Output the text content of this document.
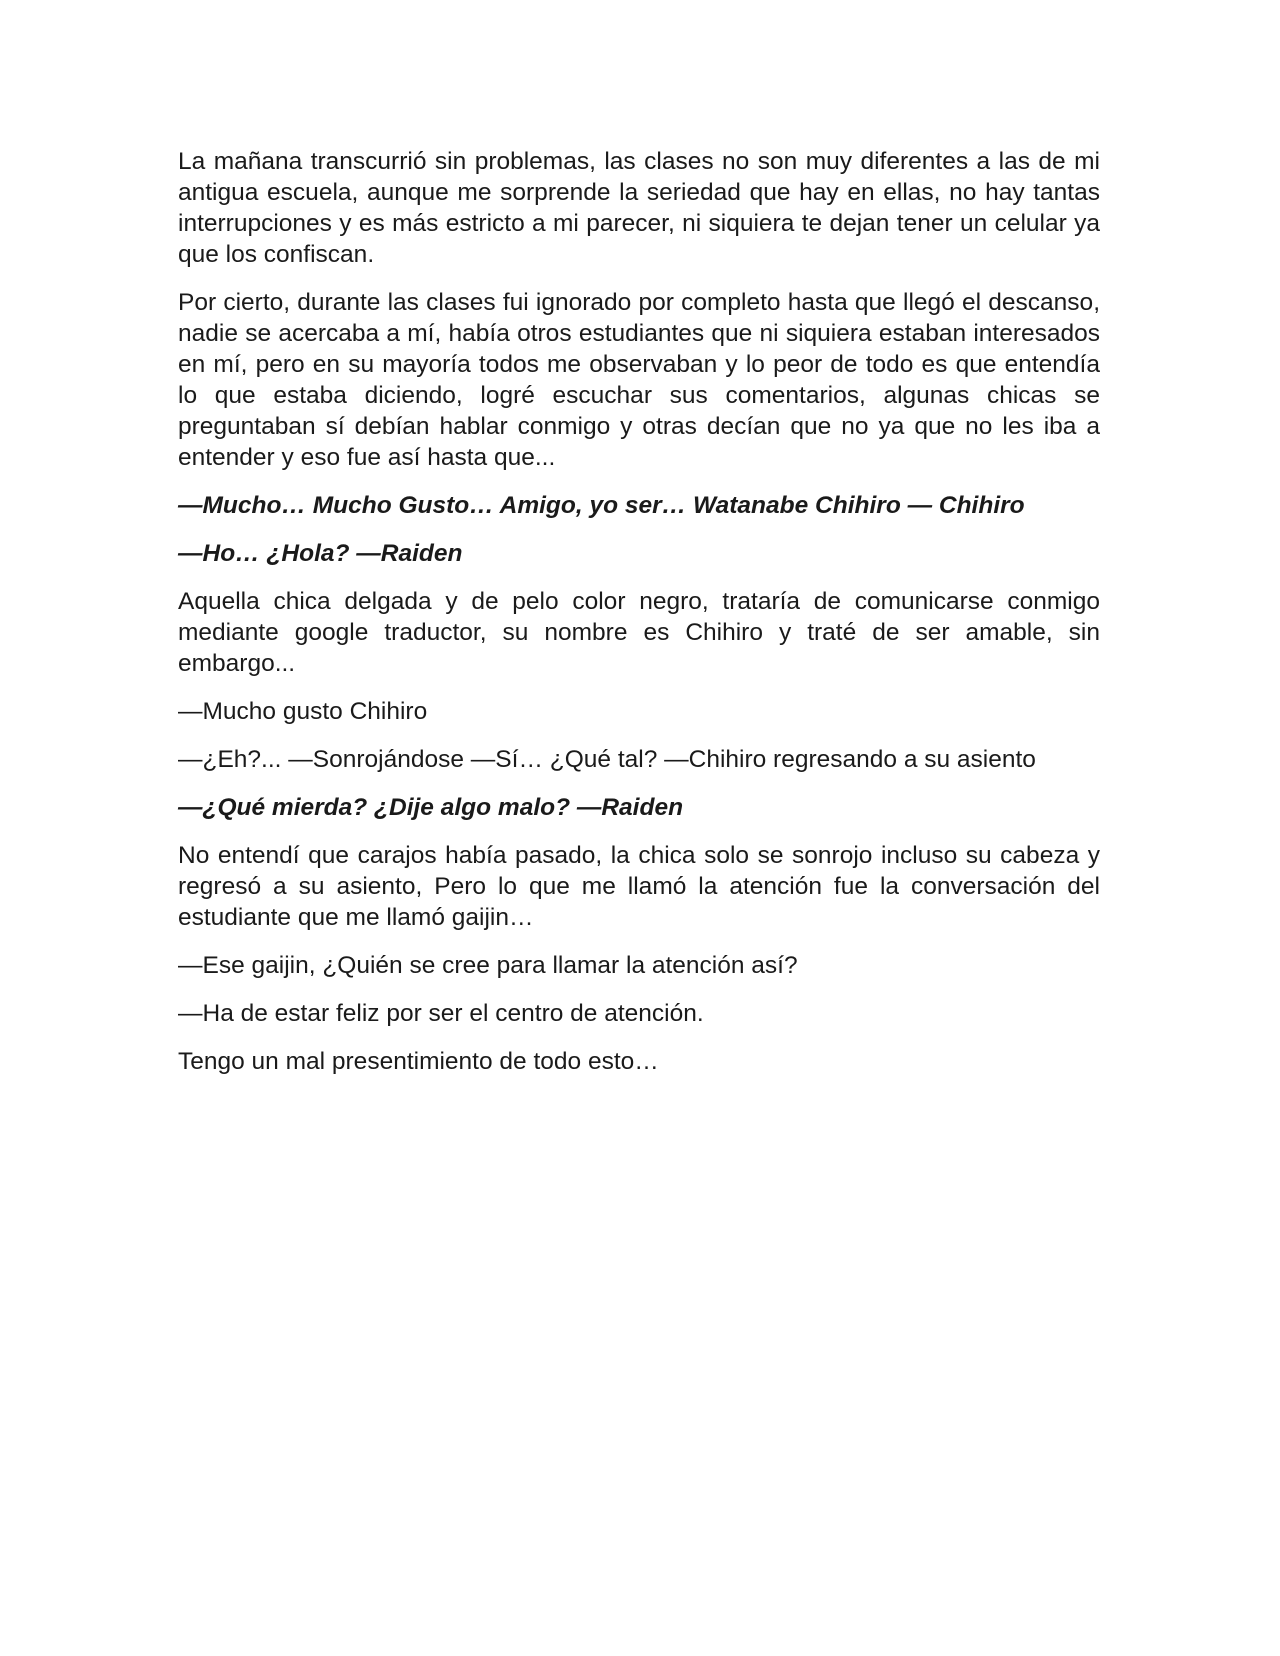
La mañana transcurrió sin problemas, las clases no son muy diferentes a las de mi antigua escuela, aunque me sorprende la seriedad que hay en ellas, no hay tantas interrupciones y es más estricto a mi parecer, ni siquiera te dejan tener un celular ya que los confiscan.

Por cierto, durante las clases fui ignorado por completo hasta que llegó el descanso, nadie se acercaba a mí, había otros estudiantes que ni siquiera estaban interesados en mí, pero en su mayoría todos me observaban y lo peor de todo es que entendía lo que estaba diciendo, logré escuchar sus comentarios, algunas chicas se preguntaban sí debían hablar conmigo y otras decían que no ya que no les iba a entender y eso fue así hasta que...

—Mucho… Mucho Gusto… Amigo, yo ser… Watanabe Chihiro — Chihiro

—Ho… ¿Hola? —Raiden

Aquella chica delgada y de pelo color negro, trataría de comunicarse conmigo mediante google traductor, su nombre es Chihiro y traté de ser amable, sin embargo...

—Mucho gusto Chihiro

—¿Eh?... —Sonrojándose —Sí… ¿Qué tal? —Chihiro regresando a su asiento

—¿Qué mierda? ¿Dije algo malo? —Raiden

No entendí que carajos había pasado, la chica solo se sonrojo incluso su cabeza y regresó a su asiento, Pero lo que me llamó la atención fue la conversación del estudiante que me llamó gaijin…

—Ese gaijin, ¿Quién se cree para llamar la atención así?

—Ha de estar feliz por ser el centro de atención.

Tengo un mal presentimiento de todo esto…
